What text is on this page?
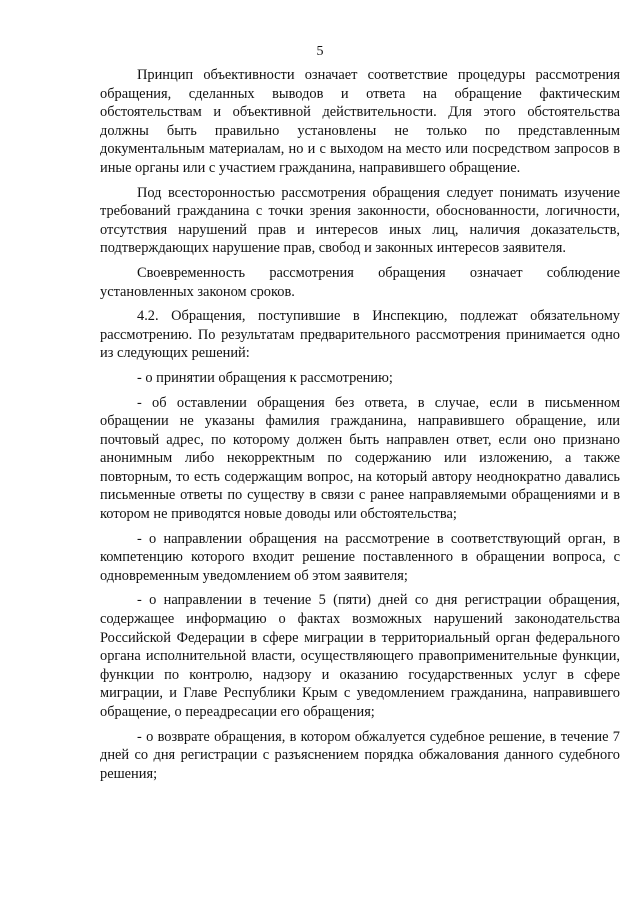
5

Принцип объективности означает соответствие процедуры рассмотрения обращения, сделанных выводов и ответа на обращение фактическим обстоятельствам и объективной действительности. Для этого обстоятельства должны быть правильно установлены не только по представленным документальным материалам, но и с выходом на место или посредством запросов в иные органы или с участием гражданина, направившего обращение.

Под всесторонностью рассмотрения обращения следует понимать изучение требований гражданина с точки зрения законности, обоснованности, логичности, отсутствия нарушений прав и интересов иных лиц, наличия доказательств, подтверждающих нарушение прав, свобод и законных интересов заявителя.

Своевременность рассмотрения обращения означает соблюдение установленных законом сроков.

4.2. Обращения, поступившие в Инспекцию, подлежат обязательному рассмотрению. По результатам предварительного рассмотрения принимается одно из следующих решений:

- о принятии обращения к рассмотрению;

- об оставлении обращения без ответа, в случае, если в письменном обращении не указаны фамилия гражданина, направившего обращение, или почтовый адрес, по которому должен быть направлен ответ, если оно признано анонимным либо некорректным по содержанию или изложению, а также повторным, то есть содержащим вопрос, на который автору неоднократно давались письменные ответы по существу в связи с ранее направляемыми обращениями и в котором не приводятся новые доводы или обстоятельства;

- о направлении обращения на рассмотрение в соответствующий орган, в компетенцию которого входит решение поставленного в обращении вопроса, с одновременным уведомлением об этом заявителя;

- о направлении в течение 5 (пяти) дней со дня регистрации обращения, содержащее информацию о фактах возможных нарушений законодательства Российской Федерации в сфере миграции в территориальный орган федерального органа исполнительной власти, осуществляющего правоприменительные функции, функции по контролю, надзору и оказанию государственных услуг в сфере миграции, и Главе Республики Крым с уведомлением гражданина, направившего обращение, о переадресации его обращения;

- о возврате обращения, в котором обжалуется судебное решение, в течение 7 дней со дня регистрации с разъяснением порядка обжалования данного судебного решения;
